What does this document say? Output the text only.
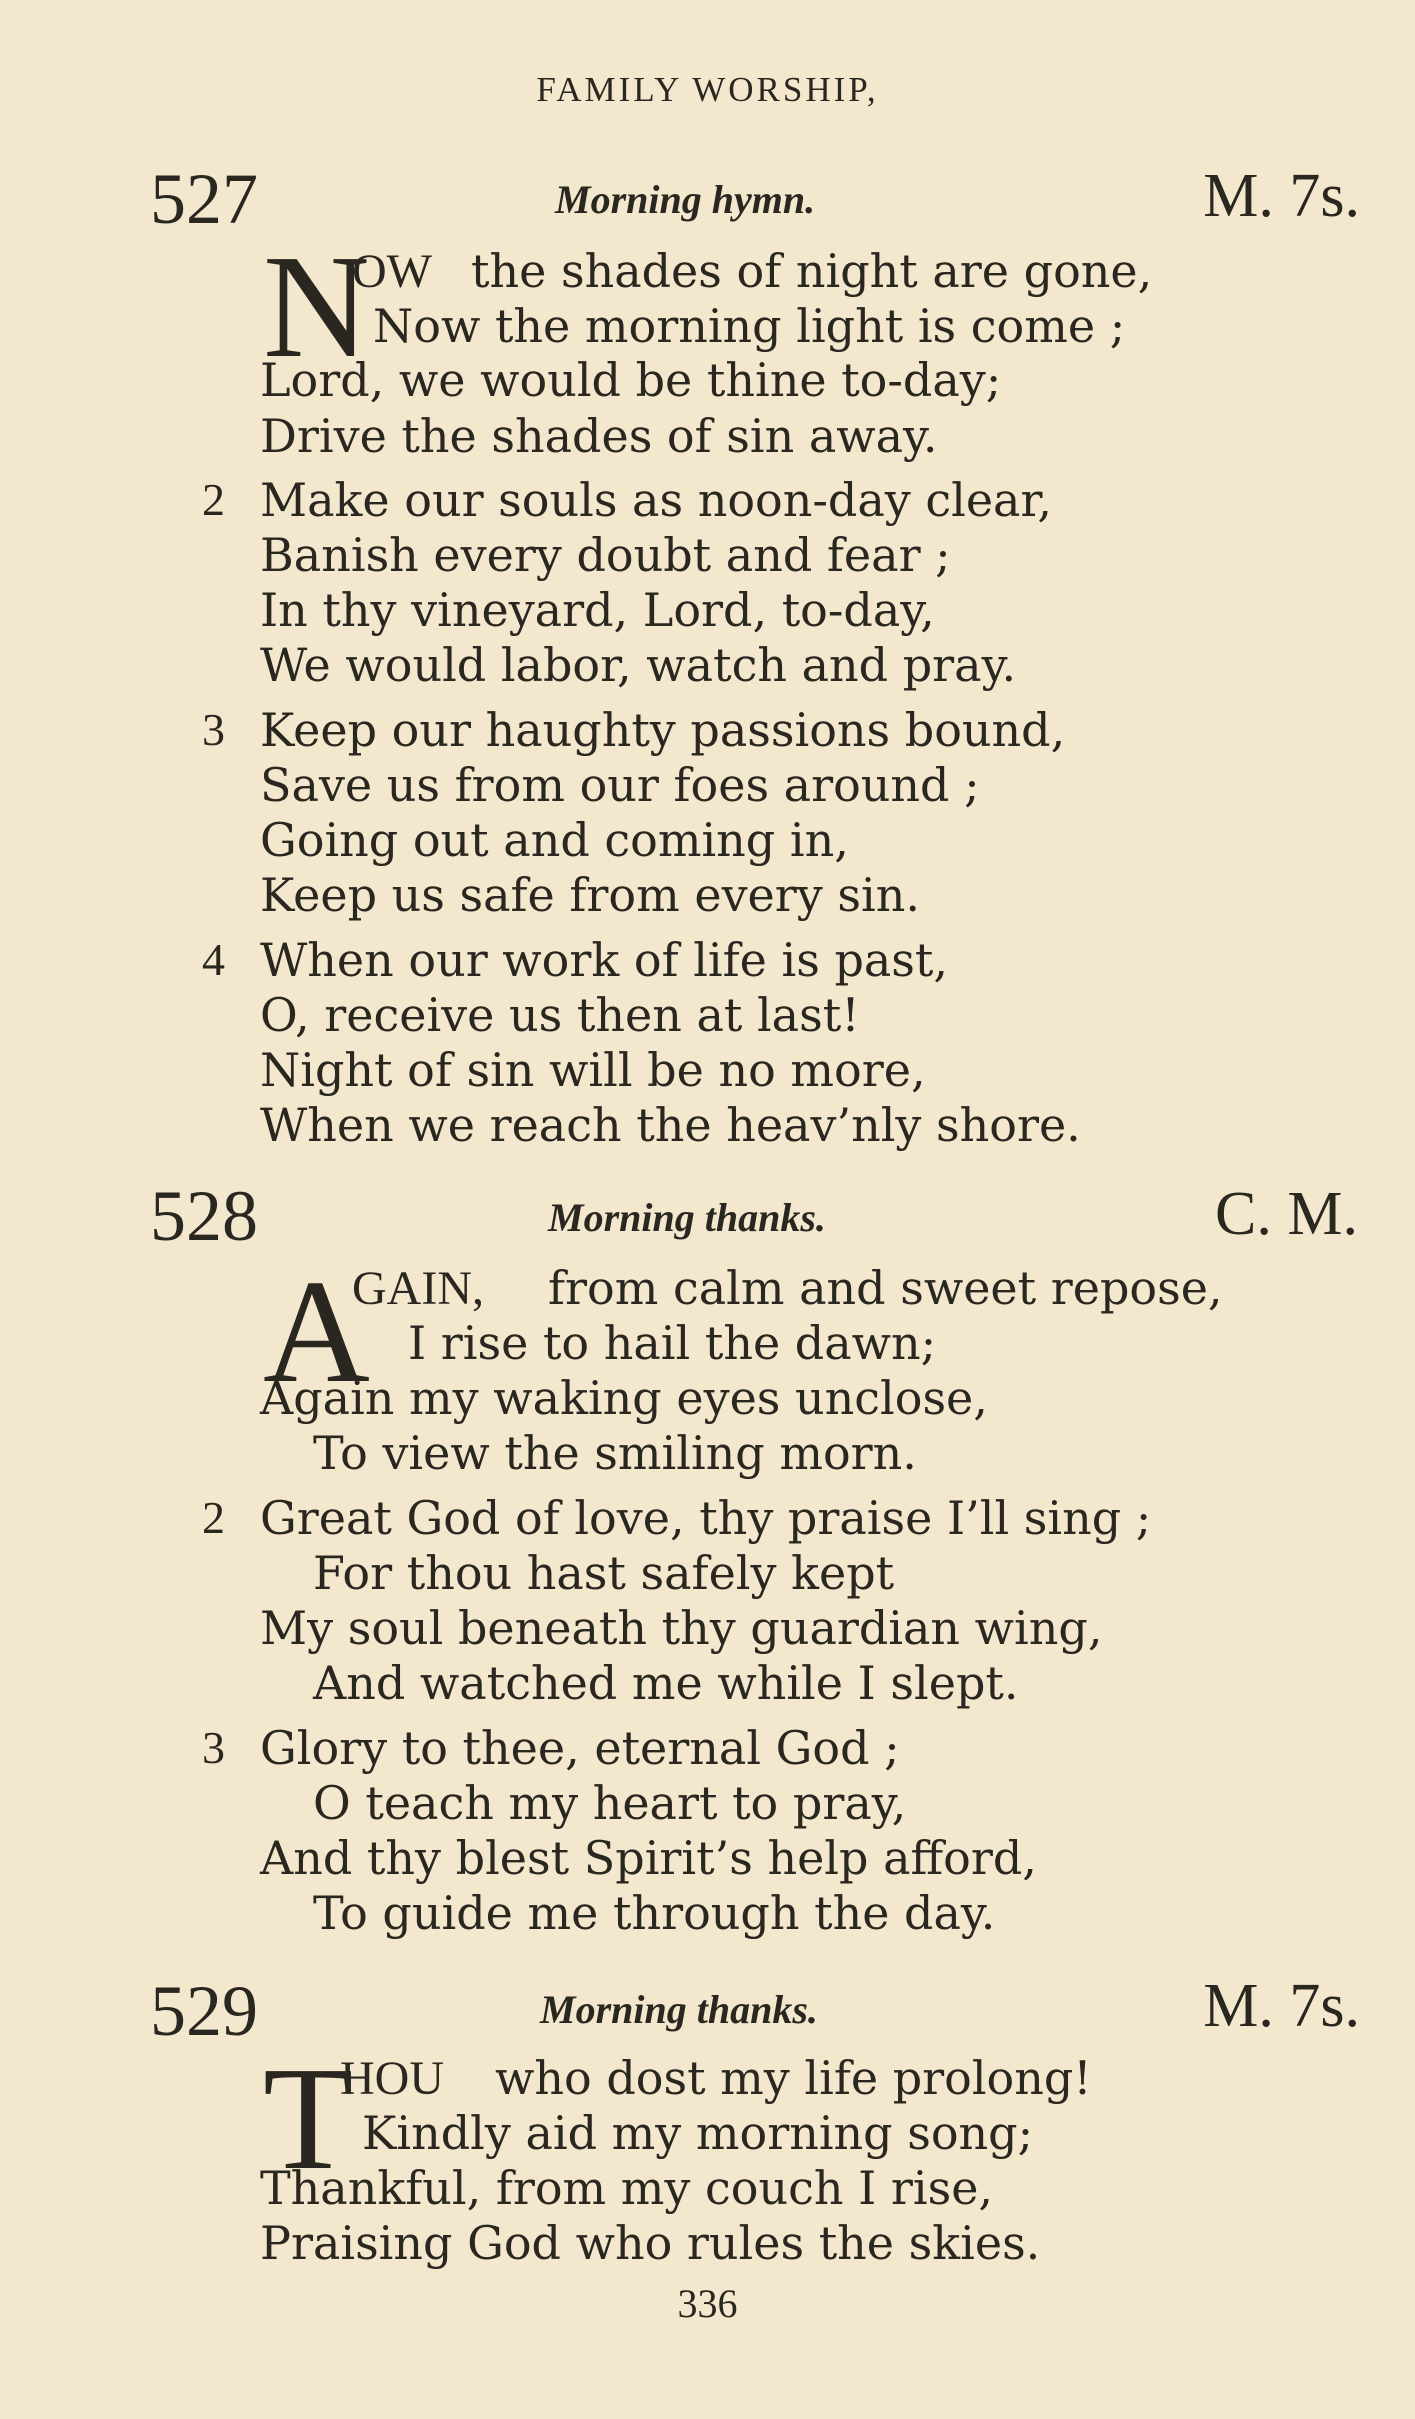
FAMILY WORSHIP,
527	Morning hymn.	M. 7s.
N
OW the shades of night are gone,
Now the morning light is come ;
Lord, we would be thine to-day;
Drive the shades of sin away.
2 Make our souls as noon-day clear,
Banish every doubt and fear ;
In thy vineyard, Lord, to-day,
We would labor, watch and pray.
3 Keep our haughty passions bound,
Save us from our foes around ;
Going out and coming in,
Keep us safe from every sin.
4 When our work of life is past,
O, receive us then at last!
Night of sin will be no more,
When we reach the heav’nly shore.
528	Morning thanks.	C. M.
A
GAIN, from calm and sweet repose,
I rise to hail the dawn;
Again my waking eyes unclose,
To view the smiling morn.
2 Great God of love, thy praise I’ll sing ;
For thou hast safely kept
My soul beneath thy guardian wing,
And watched me while I slept.
3 Glory to thee, eternal God ;
O teach my heart to pray,
And thy blest Spirit’s help afford,
To guide me through the day.
529	Morning thanks.	M. 7s.
T
HOU who dost my life prolong!
Kindly aid my morning song;
Thankful, from my couch I rise,
Praising God who rules the skies.
336
